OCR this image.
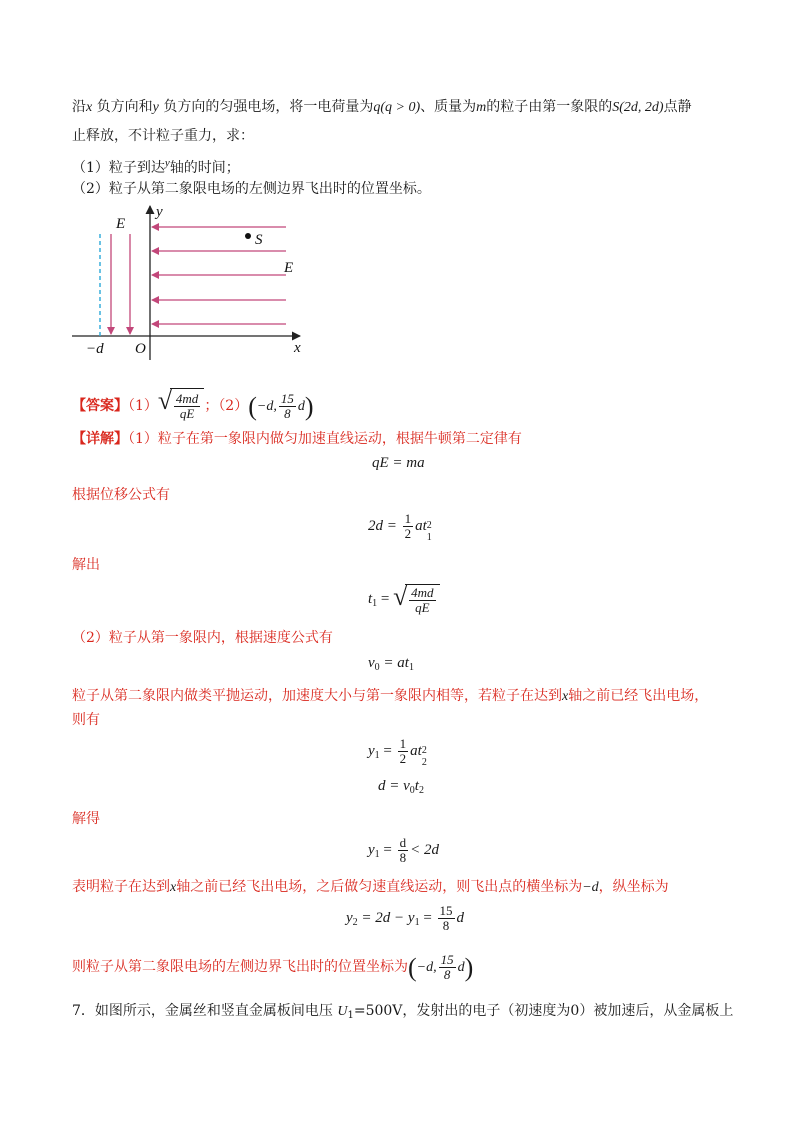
沿x 负方向和y 负方向的匀强电场，将一电荷量为q(q > 0)、质量为m的粒子由第一象限的S(2d, 2d)点静
止释放，不计粒子重力，求：
（1）粒子到达$^y$轴的时间；
（2）粒子从第二象限电场的左侧边界飞出时的位置坐标。
E
S
E
y
x
O
−d
【答案】（1） √ $\frac{4md}{qE}$ ；（2）(−d, $\frac{15}{8} d$)
【详解】（1）粒子在第一象限内做匀加速直线运动，根据牛顿第二定律有
qE = ma
根据位移公式有
$2d = \frac{1}{2}$ at 2
1
解出
$t_1$ = √ $\frac{4md}{qE}$
（2）粒子从第一象限内，根据速度公式有
$v_0 = at_1$
粒子从第二象限内做类平抛运动，加速度大小与第一象限内相等，若粒子在达到x轴之前已经飞出电场，
则有
$y_1 = \frac{1}{2}$ at 2
2
$d = v_0t_2$
解得
$y_1 = \frac{d}{8} < 2d$
表明粒子在达到x轴之前已经飞出电场，之后做匀速直线运动，则飞出点的横坐标为−d，纵坐标为
$y_2 = 2d - y_1 = \frac{15}{8}$ d
则粒子从第二象限电场的左侧边界飞出时的位置坐标为(−d, $\frac{15}{8} d$)
7．如图所示，金属丝和竖直金属板间电压 $U_1=500V$，发射出的电子（初速度为0）被加速后，从金属板上
